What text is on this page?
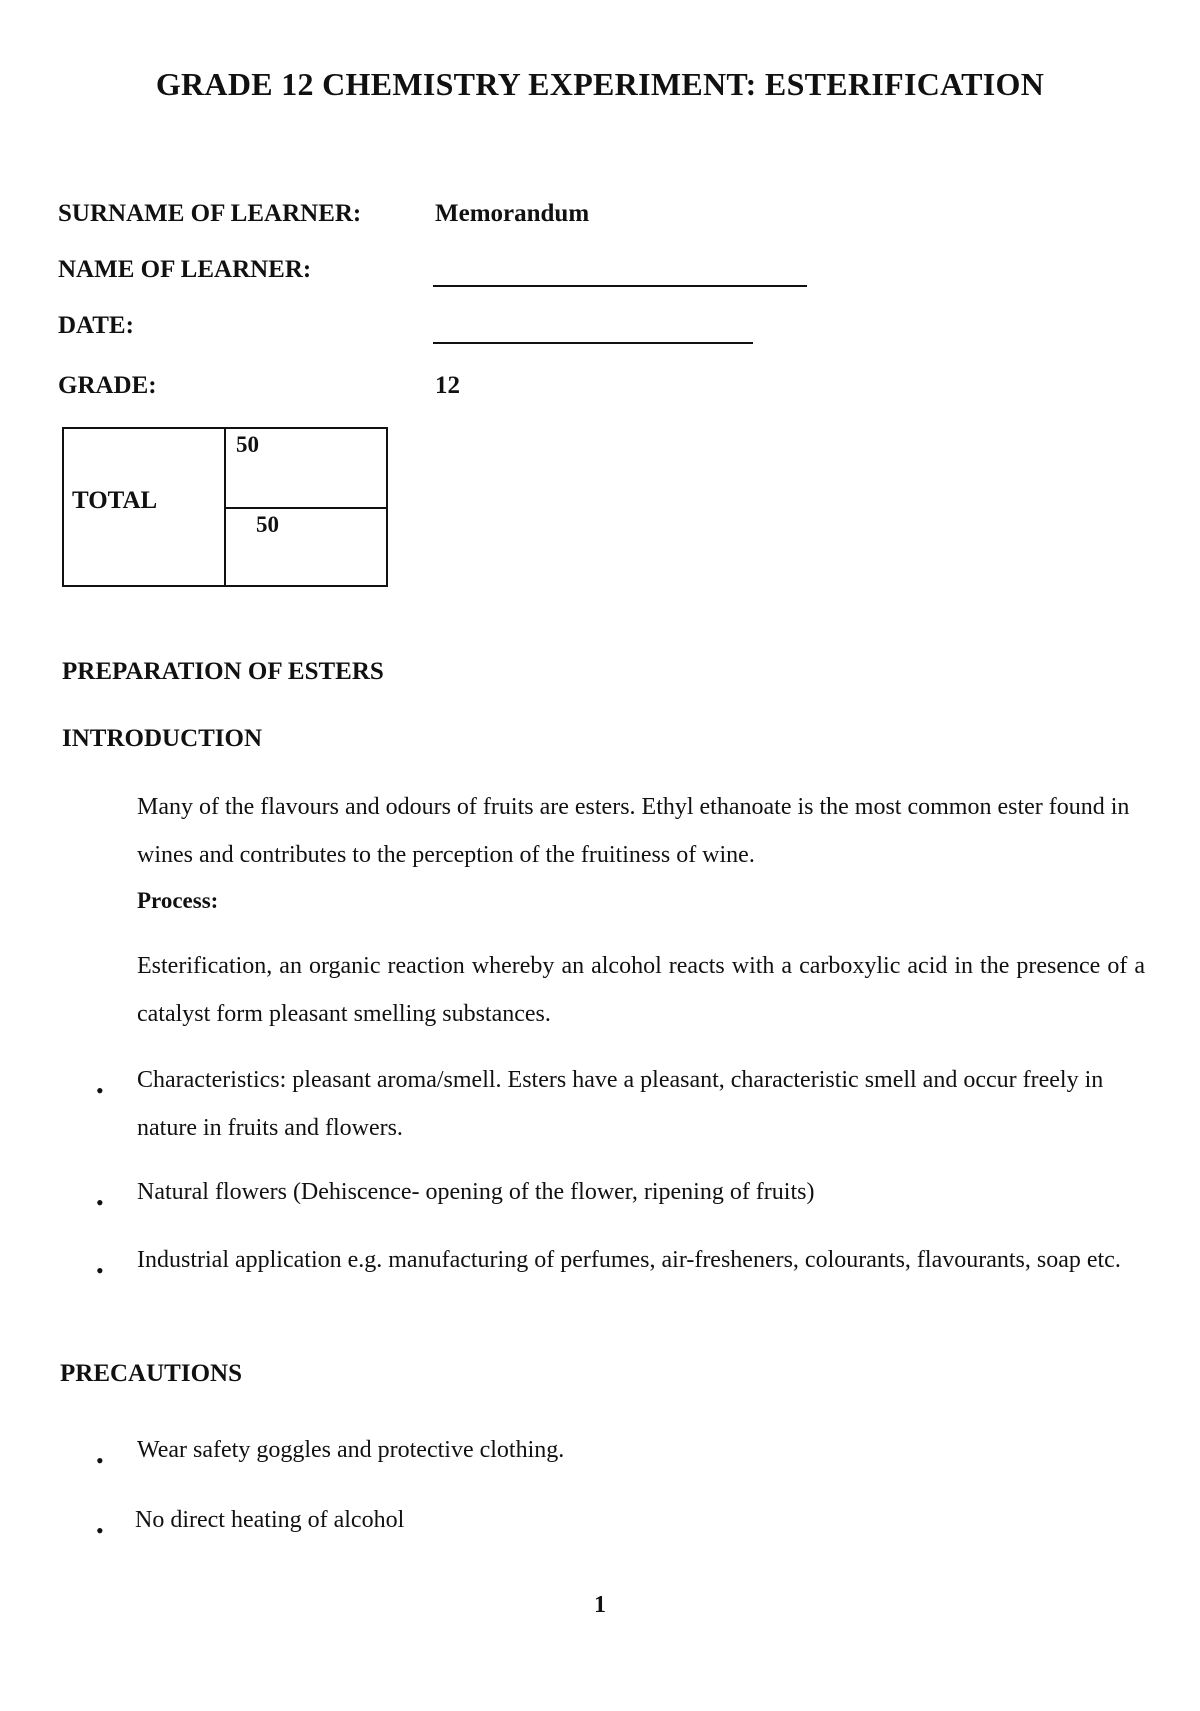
GRADE 12 CHEMISTRY EXPERIMENT: ESTERIFICATION
SURNAME OF LEARNER:	Memorandum
NAME OF LEARNER:
DATE:
GRADE:	12
TOTAL
50
50
PREPARATION OF ESTERS
INTRODUCTION
Many of the flavours and odours of fruits are esters. Ethyl ethanoate is the most common ester found in wines and contributes to the perception of the fruitiness of wine.
Process:
Esterification, an organic reaction whereby an alcohol reacts with a carboxylic acid in the presence of a catalyst form pleasant smelling substances.
• Characteristics: pleasant aroma/smell. Esters have a pleasant, characteristic smell and occur freely in nature in fruits and flowers.
• Natural flowers (Dehiscence- opening of the flower, ripening of fruits)
• Industrial application e.g. manufacturing of perfumes, air-fresheners, colourants, flavourants, soap etc.
PRECAUTIONS
• Wear safety goggles and protective clothing.
• No direct heating of alcohol
1
